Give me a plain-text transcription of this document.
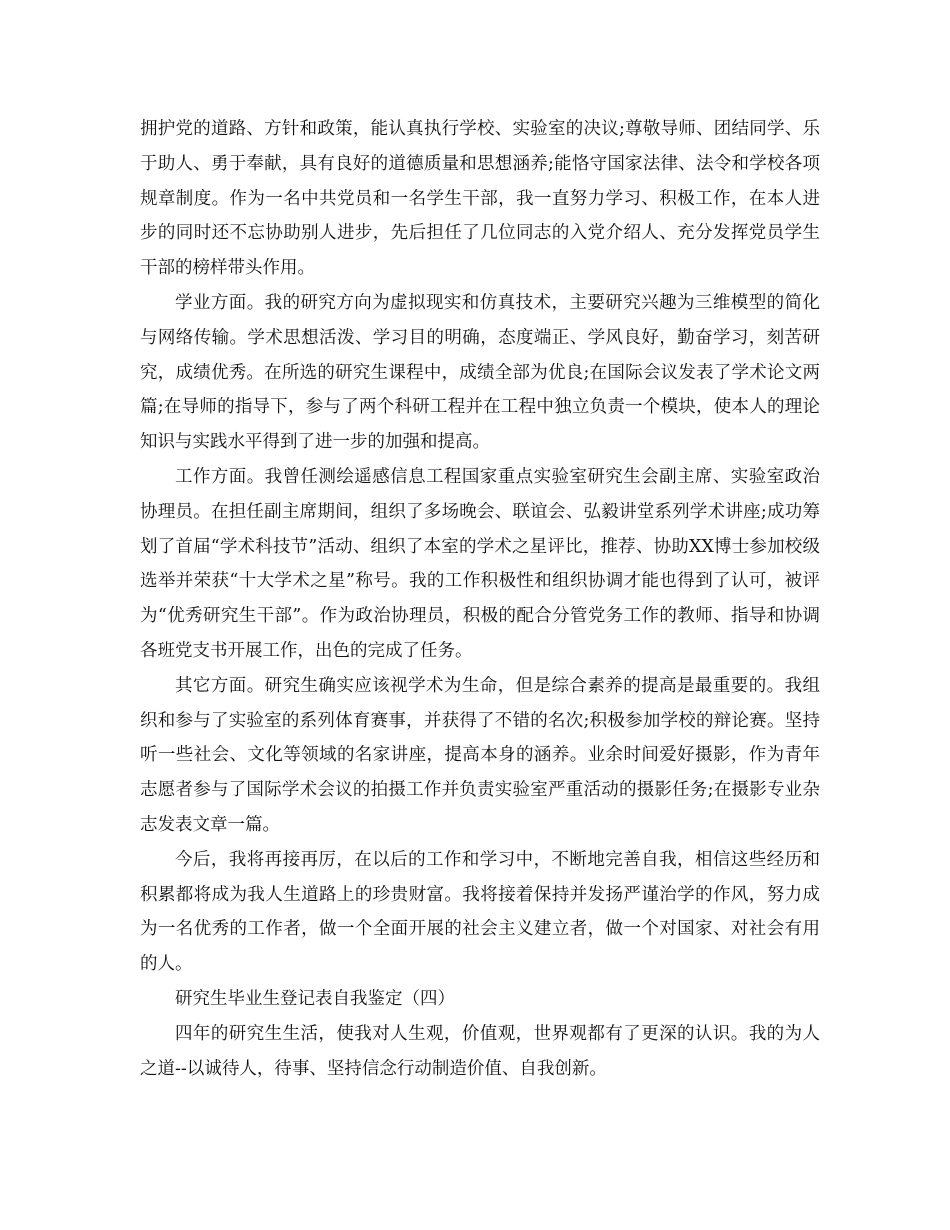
拥护党的道路、方针和政策，能认真执行学校、实验室的决议;尊敬导师、团结同学、乐于助人、勇于奉献，具有良好的道德质量和思想涵养;能恪守国家法律、法令和学校各项规章制度。作为一名中共党员和一名学生干部，我一直努力学习、积极工作，在本人进步的同时还不忘协助别人进步，先后担任了几位同志的入党介绍人、充分发挥党员学生干部的榜样带头作用。

学业方面。我的研究方向为虚拟现实和仿真技术，主要研究兴趣为三维模型的简化与网络传输。学术思想活泼、学习目的明确，态度端正、学风良好，勤奋学习，刻苦研究，成绩优秀。在所选的研究生课程中，成绩全部为优良;在国际会议发表了学术论文两篇;在导师的指导下，参与了两个科研工程并在工程中独立负责一个模块，使本人的理论知识与实践水平得到了进一步的加强和提高。

工作方面。我曾任测绘遥感信息工程国家重点实验室研究生会副主席、实验室政治协理员。在担任副主席期间，组织了多场晚会、联谊会、弘毅讲堂系列学术讲座;成功筹划了首届“学术科技节”活动、组织了本室的学术之星评比，推荐、协助XX博士参加校级选举并荣获“十大学术之星”称号。我的工作积极性和组织协调才能也得到了认可，被评为“优秀研究生干部”。作为政治协理员，积极的配合分管党务工作的教师、指导和协调各班党支书开展工作，出色的完成了任务。

其它方面。研究生确实应该视学术为生命，但是综合素养的提高是最重要的。我组织和参与了实验室的系列体育赛事，并获得了不错的名次;积极参加学校的辩论赛。坚持听一些社会、文化等领域的名家讲座，提高本身的涵养。业余时间爱好摄影，作为青年志愿者参与了国际学术会议的拍摄工作并负责实验室严重活动的摄影任务;在摄影专业杂志发表文章一篇。

今后，我将再接再厉，在以后的工作和学习中，不断地完善自我，相信这些经历和积累都将成为我人生道路上的珍贵财富。我将接着保持并发扬严谨治学的作风，努力成为一名优秀的工作者，做一个全面开展的社会主义建立者，做一个对国家、对社会有用的人。

研究生毕业生登记表自我鉴定（四）

四年的研究生生活，使我对人生观，价值观，世界观都有了更深的认识。我的为人之道--以诚待人，待事、坚持信念行动制造价值、自我创新。
